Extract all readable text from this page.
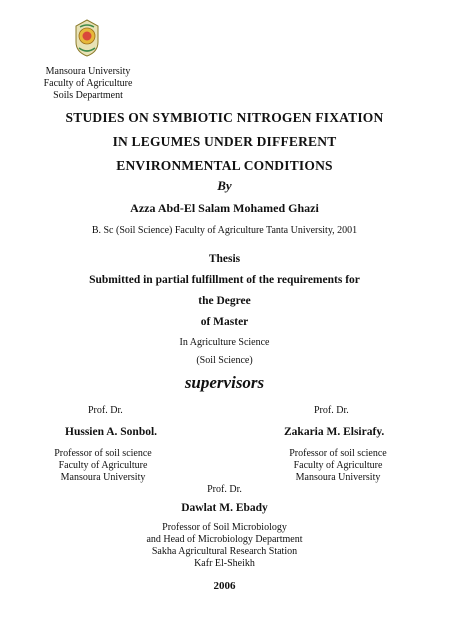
Mansoura University
Faculty of Agriculture
Soils Department
STUDIES ON SYMBIOTIC NITROGEN FIXATION
IN LEGUMES UNDER DIFFERENT
ENVIRONMENTAL CONDITIONS
By
Azza Abd-El Salam Mohamed Ghazi
B. Sc (Soil Science) Faculty of Agriculture Tanta University, 2001
Thesis
Submitted in partial fulfillment of the requirements for
the Degree
of Master
In Agriculture Science
(Soil Science)
supervisors
Prof. Dr.
Hussien A. Sonbol.
Professor of soil science
Faculty of Agriculture
Mansoura University
Prof. Dr.
Zakaria M. Elsirafy.
Professor of soil science
Faculty of Agriculture
Mansoura University
Prof. Dr.
Dawlat M. Ebady
Professor of Soil Microbiology
and Head of Microbiology Department
Sakha Agricultural Research Station
Kafr El-Sheikh
2006
